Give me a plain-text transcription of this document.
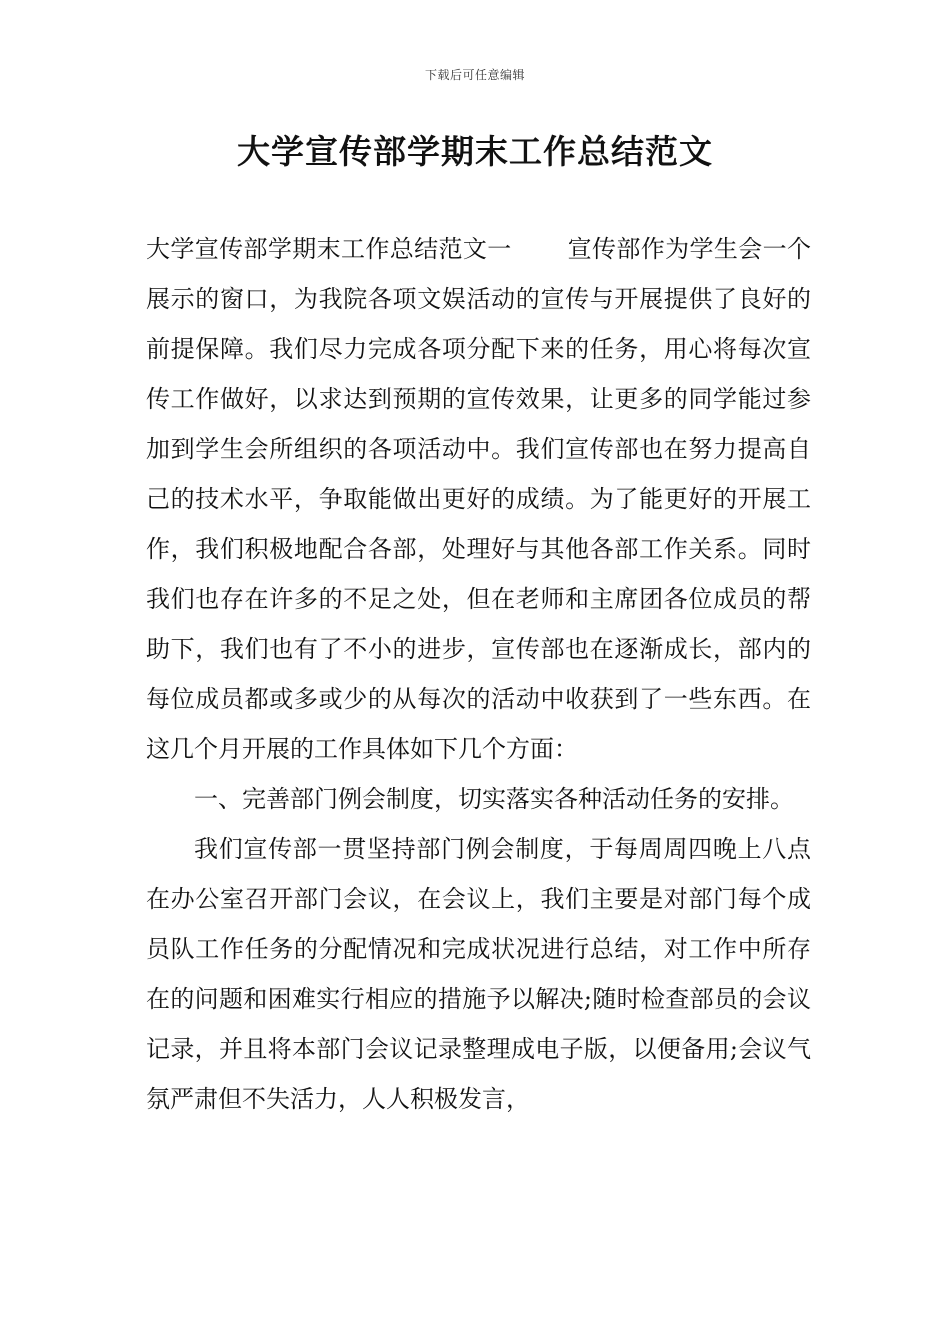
下载后可任意编辑
大学宣传部学期末工作总结范文

大学宣传部学期末工作总结范文一 宣传部作为学生会一个展示的窗口，为我院各项文娱活动的宣传与开展提供了良好的前提保障。我们尽力完成各项分配下来的任务，用心将每次宣传工作做好，以求达到预期的宣传效果，让更多的同学能过参加到学生会所组织的各项活动中。我们宣传部也在努力提高自己的技术水平，争取能做出更好的成绩。为了能更好的开展工作，我们积极地配合各部，处理好与其他各部工作关系。同时我们也存在许多的不足之处，但在老师和主席团各位成员的帮助下，我们也有了不小的进步，宣传部也在逐渐成长，部内的每位成员都或多或少的从每次的活动中收获到了一些东西。在这几个月开展的工作具体如下几个方面：

一、完善部门例会制度，切实落实各种活动任务的安排。

我们宣传部一贯坚持部门例会制度，于每周周四晚上八点在办公室召开部门会议，在会议上，我们主要是对部门每个成员队工作任务的分配情况和完成状况进行总结，对工作中所存在的问题和困难实行相应的措施予以解决;随时检查部员的会议记录，并且将本部门会议记录整理成电子版，以便备用;会议气氛严肃但不失活力，人人积极发言，
